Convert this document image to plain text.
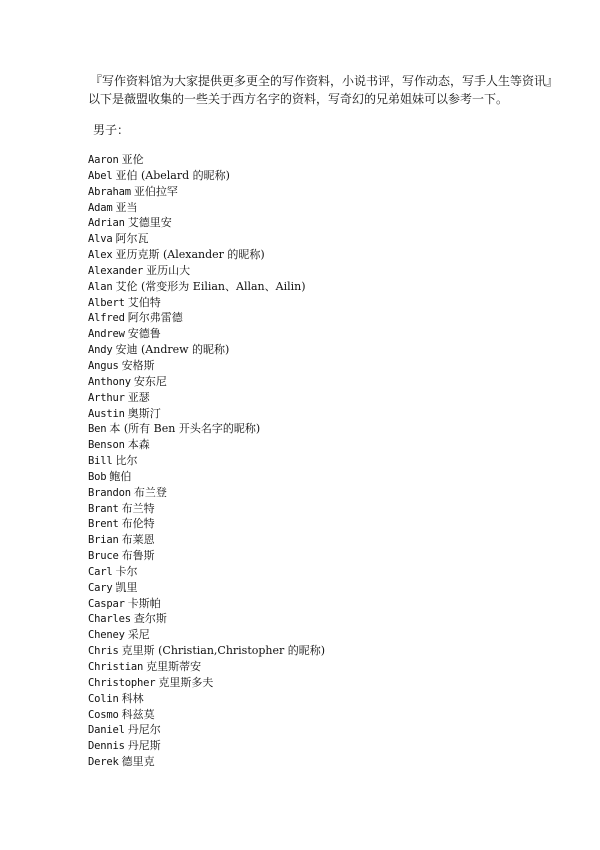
『写作资料馆为大家提供更多更全的写作资料，小说书评，写作动态，写手人生等资讯』
以下是薇盟收集的一些关于西方名字的资料，写奇幻的兄弟姐妹可以参考一下。
男子：
Aaron 亚伦
Abel 亚伯 (Abelard 的昵称)
Abraham 亚伯拉罕
Adam 亚当
Adrian 艾德里安
Alva 阿尔瓦
Alex 亚历克斯 (Alexander 的昵称)
Alexander 亚历山大
Alan 艾伦 (常变形为 Eilian、Allan、Ailin)
Albert 艾伯特
Alfred 阿尔弗雷德
Andrew 安德鲁
Andy 安迪 (Andrew 的昵称)
Angus 安格斯
Anthony 安东尼
Arthur 亚瑟
Austin 奥斯汀
Ben 本 (所有 Ben 开头名字的昵称)
Benson 本森
Bill 比尔
Bob 鲍伯
Brandon 布兰登
Brant 布兰特
Brent 布伦特
Brian 布莱恩
Bruce 布鲁斯
Carl 卡尔
Cary 凯里
Caspar 卡斯帕
Charles 查尔斯
Cheney 采尼
Chris 克里斯 (Christian,Christopher 的昵称)
Christian 克里斯蒂安
Christopher 克里斯多夫
Colin 科林
Cosmo 科兹莫
Daniel 丹尼尔
Dennis 丹尼斯
Derek 德里克
